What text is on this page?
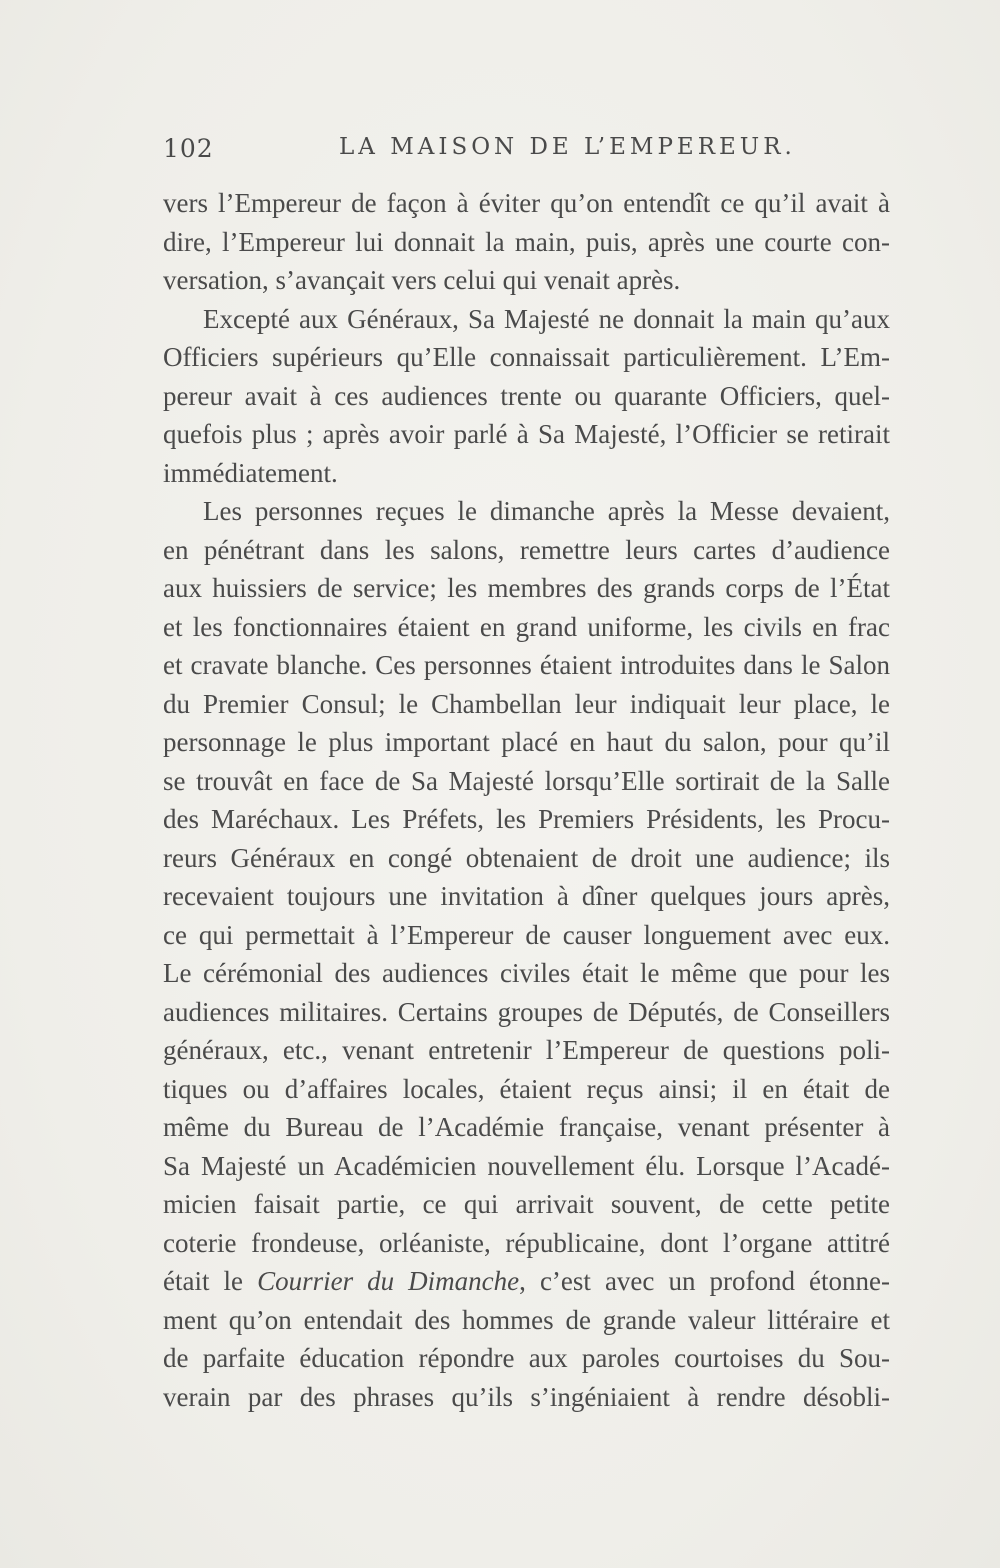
102	LA MAISON DE L’EMPEREUR.
vers l’Empereur de façon à éviter qu’on entendît ce qu’il avait à
dire, l’Empereur lui donnait la main, puis, après une courte con-
versation, s’avançait vers celui qui venait après.
Excepté aux Généraux, Sa Majesté ne donnait la main qu’aux
Officiers supérieurs qu’Elle connaissait particulièrement. L’Em-
pereur avait à ces audiences trente ou quarante Officiers, quel-
quefois plus ; après avoir parlé à Sa Majesté, l’Officier se retirait
immédiatement.
Les personnes reçues le dimanche après la Messe devaient,
en pénétrant dans les salons, remettre leurs cartes d’audience
aux huissiers de service; les membres des grands corps de l’État
et les fonctionnaires étaient en grand uniforme, les civils en frac
et cravate blanche. Ces personnes étaient introduites dans le Salon
du Premier Consul; le Chambellan leur indiquait leur place, le
personnage le plus important placé en haut du salon, pour qu’il
se trouvât en face de Sa Majesté lorsqu’Elle sortirait de la Salle
des Maréchaux. Les Préfets, les Premiers Présidents, les Procu-
reurs Généraux en congé obtenaient de droit une audience; ils
recevaient toujours une invitation à dîner quelques jours après,
ce qui permettait à l’Empereur de causer longuement avec eux.
Le cérémonial des audiences civiles était le même que pour les
audiences militaires. Certains groupes de Députés, de Conseillers
généraux, etc., venant entretenir l’Empereur de questions poli-
tiques ou d’affaires locales, étaient reçus ainsi; il en était de
même du Bureau de l’Académie française, venant présenter à
Sa Majesté un Académicien nouvellement élu. Lorsque l’Acadé-
micien faisait partie, ce qui arrivait souvent, de cette petite
coterie frondeuse, orléaniste, républicaine, dont l’organe attitré
était le Courrier du Dimanche, c’est avec un profond étonne-
ment qu’on entendait des hommes de grande valeur littéraire et
de parfaite éducation répondre aux paroles courtoises du Sou-
verain par des phrases qu’ils s’ingéniaient à rendre désobli-
